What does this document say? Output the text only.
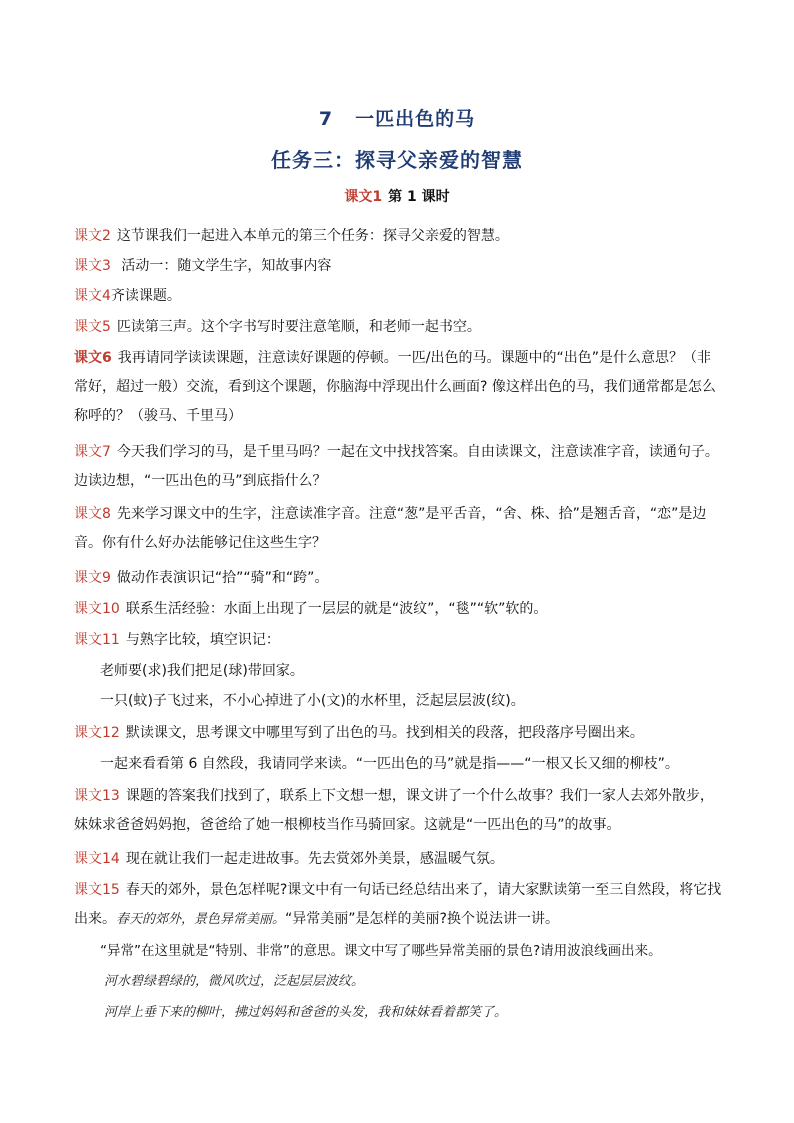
7 一匹出色的马
任务三：探寻父亲爱的智慧
课文1 第 1 课时
课文2 这节课我们一起进入本单元的第三个任务：探寻父亲爱的智慧。
课文3 活动一：随文学生字，知故事内容
课文4齐读课题。
课文5 匹读第三声。这个字书写时要注意笔顺，和老师一起书空。
课文6 我再请同学读读课题，注意读好课题的停顿。一匹/出色的马。课题中的“出色”是什么意思？（非常好，超过一般）交流，看到这个课题，你脑海中浮现出什么画面? 像这样出色的马，我们通常都是怎么称呼的？（骏马、千里马）
课文7 今天我们学习的马，是千里马吗？一起在文中找找答案。自由读课文，注意读准字音，读通句子。边读边想，“一匹出色的马”到底指什么？
课文8 先来学习课文中的生字，注意读准字音。注意“葱”是平舌音，“舍、株、拾”是翘舌音，“恋”是边音。你有什么好办法能够记住这些生字？
课文9 做动作表演识记“拾”“骑”和“跨”。
课文10 联系生活经验：水面上出现了一层层的就是“波纹”，“毯”“软”软的。
课文11 与熟字比较，填空识记：
老师要(求)我们把足(球)带回家。
一只(蚊)子飞过来，不小心掉进了小(文)的水杯里，泛起层层波(纹)。
课文12 默读课文，思考课文中哪里写到了出色的马。找到相关的段落，把段落序号圈出来。
一起来看看第 6 自然段，我请同学来读。“一匹出色的马”就是指——“一根又长又细的柳枝”。
课文13 课题的答案我们找到了，联系上下文想一想，课文讲了一个什么故事？我们一家人去郊外散步，妹妹求爸爸妈妈抱，爸爸给了她一根柳枝当作马骑回家。这就是“一匹出色的马”的故事。
课文14 现在就让我们一起走进故事。先去赏郊外美景，感温暖气氛。
课文15 春天的郊外，景色怎样呢?课文中有一句话已经总结出来了，请大家默读第一至三自然段，将它找出来。春天的郊外，景色异常美丽。“异常美丽”是怎样的美丽?换个说法讲一讲。
“异常”在这里就是“特别、非常”的意思。课文中写了哪些异常美丽的景色?请用波浪线画出来。
河水碧绿碧绿的，微风吹过，泛起层层波纹。
河岸上垂下来的柳叶，拂过妈妈和爸爸的头发，我和妹妹看着都笑了。
